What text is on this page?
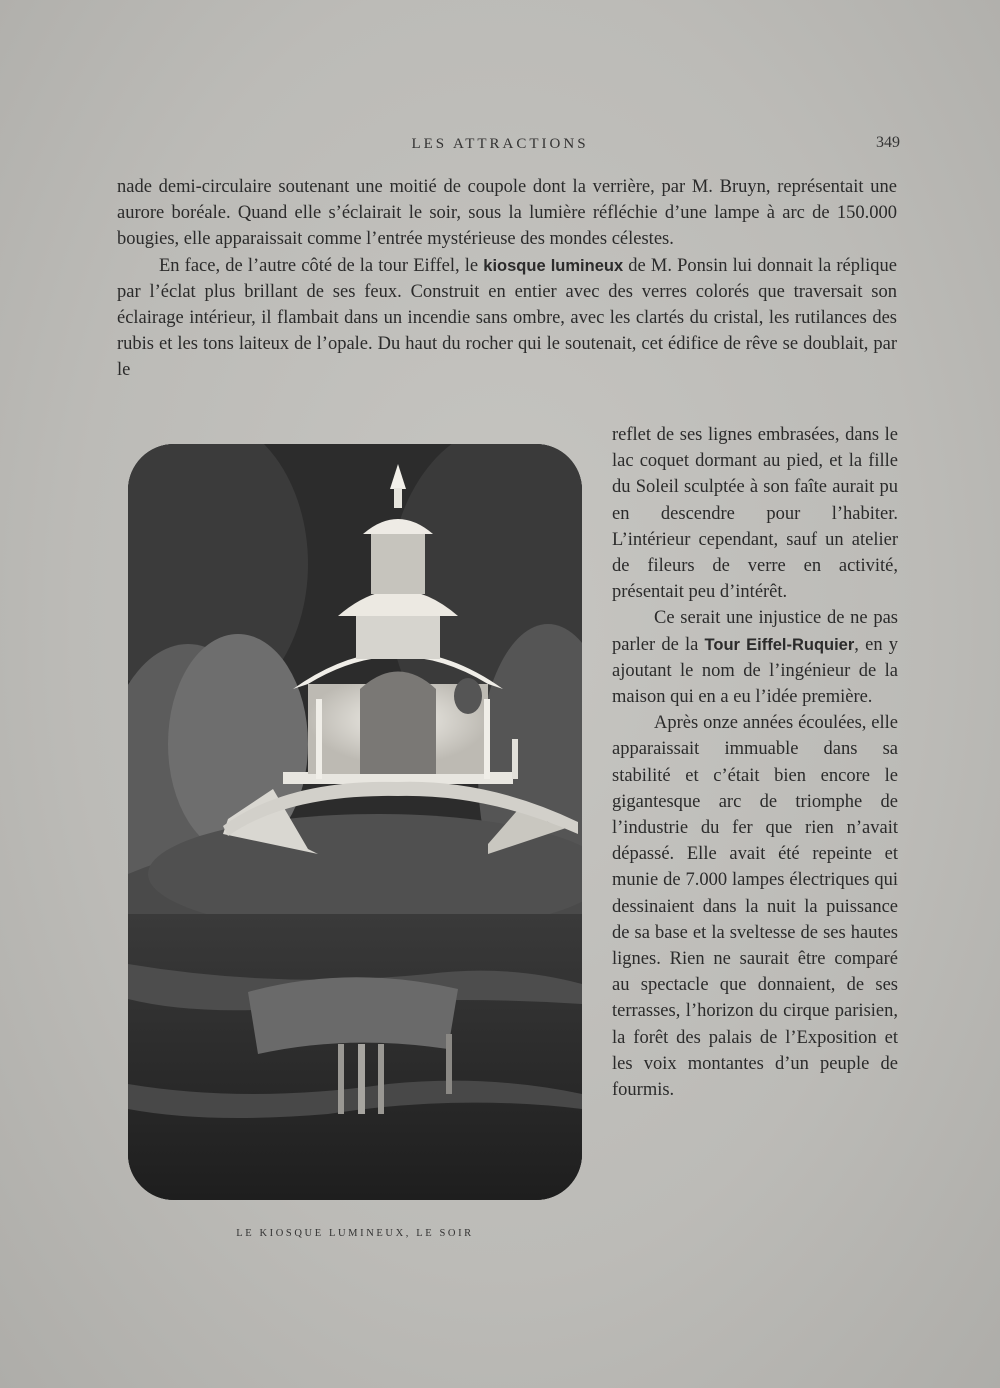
LES ATTRACTIONS	349

nade demi-circulaire soutenant une moitié de coupole dont la verrière, par M. Bruyn, représentait une aurore boréale. Quand elle s’éclairait le soir, sous la lumière réfléchie d’une lampe à arc de 150.000 bougies, elle apparaissait comme l’entrée mystérieuse des mondes célestes.

En face, de l’autre côté de la tour Eiffel, le kiosque lumineux de M. Ponsin lui donnait la réplique par l’éclat plus brillant de ses feux. Construit en entier avec des verres colorés que traversait son éclairage intérieur, il flambait dans un incendie sans ombre, avec les clartés du cristal, les rutilances des rubis et les tons laiteux de l’opale. Du haut du rocher qui le soutenait, cet édifice de rêve se doublait, par le

LE KIOSQUE LUMINEUX, LE SOIR

reflet de ses lignes embrasées, dans le lac coquet dormant au pied, et la fille du Soleil sculptée à son faîte aurait pu en descendre pour l’habiter. L’intérieur cependant, sauf un atelier de fileurs de verre en activité, présentait peu d’intérêt.

Ce serait une injustice de ne pas parler de la Tour Eiffel-Ruquier, en y ajoutant le nom de l’ingénieur de la maison qui en a eu l’idée première.

Après onze années écoulées, elle apparaissait immuable dans sa stabilité et c’était bien encore le gigantesque arc de triomphe de l’industrie du fer que rien n’avait dépassé. Elle avait été repeinte et munie de 7.000 lampes électriques qui dessinaient dans la nuit la puissance de sa base et la sveltesse de ses hautes lignes. Rien ne saurait être comparé au spectacle que donnaient, de ses terrasses, l’horizon du cirque parisien, la forêt des palais de l’Exposition et les voix montantes d’un peuple de fourmis.
